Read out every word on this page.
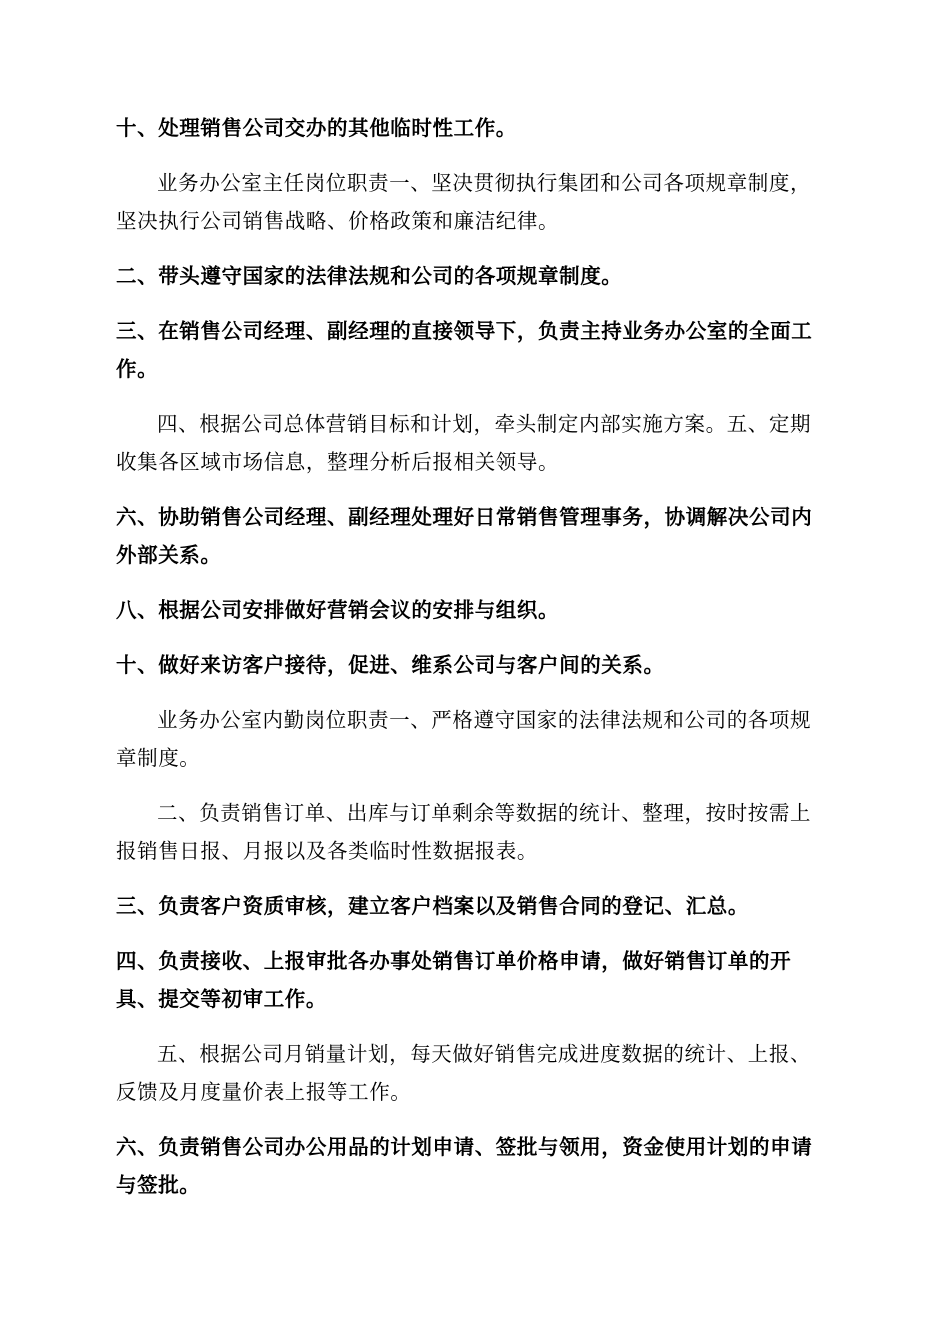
十、处理销售公司交办的其他临时性工作。

业务办公室主任岗位职责一、坚决贯彻执行集团和公司各项规章制度，坚决执行公司销售战略、价格政策和廉洁纪律。

二、带头遵守国家的法律法规和公司的各项规章制度。

三、在销售公司经理、副经理的直接领导下，负责主持业务办公室的全面工作。

四、根据公司总体营销目标和计划，牵头制定内部实施方案。五、定期收集各区域市场信息，整理分析后报相关领导。

六、协助销售公司经理、副经理处理好日常销售管理事务，协调解决公司内外部关系。

八、根据公司安排做好营销会议的安排与组织。

十、做好来访客户接待，促进、维系公司与客户间的关系。

业务办公室内勤岗位职责一、严格遵守国家的法律法规和公司的各项规章制度。

二、负责销售订单、出库与订单剩余等数据的统计、整理，按时按需上报销售日报、月报以及各类临时性数据报表。

三、负责客户资质审核，建立客户档案以及销售合同的登记、汇总。

四、负责接收、上报审批各办事处销售订单价格申请，做好销售订单的开具、提交等初审工作。

五、根据公司月销量计划，每天做好销售完成进度数据的统计、上报、反馈及月度量价表上报等工作。

六、负责销售公司办公用品的计划申请、签批与领用，资金使用计划的申请与签批。
